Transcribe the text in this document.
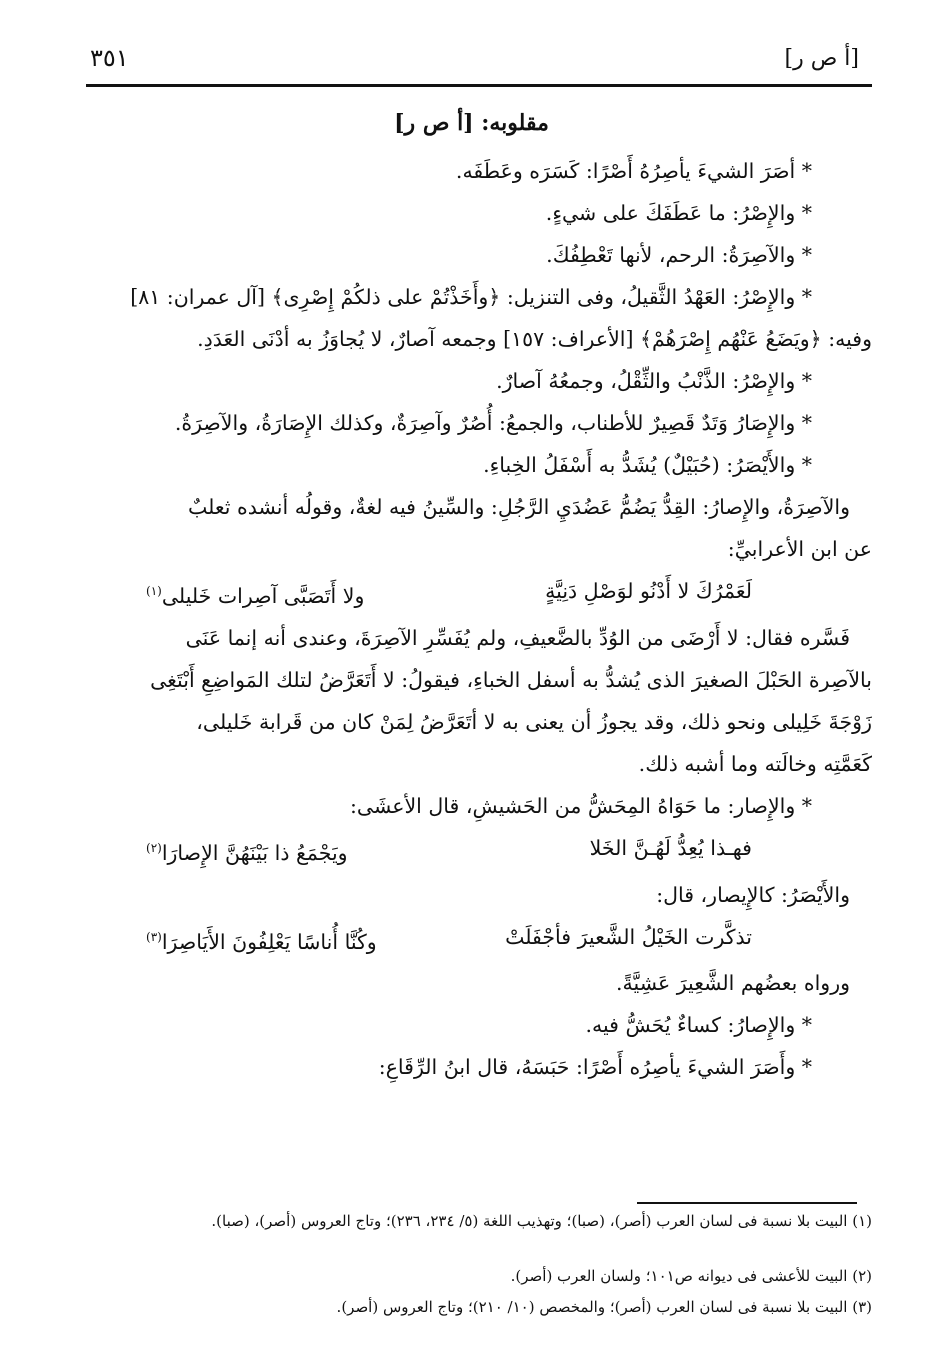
[أ ص ر]
٣٥١
مقلوبه: [أ ص ر]
* أصَرَ الشيءَ يأصِرُهُ أَصْرًا: كَسَرَه وعَطَفَه.
* والإِصْرُ: ما عَطَفَكَ على شيءٍ.
* والآصِرَةُ: الرحم، لأنها تَعْطِفُكَ.
* والإِصْرُ: العَهْدُ الثَّقيلُ، وفى التنزيل: ﴿وأَخَذْتُمْ على ذلكُمْ إِصْرِى﴾ [آل عمران: ٨١]
وفيه: ﴿ويَضَعُ عَنْهُم إِصْرَهُمْ﴾ [الأعراف: ١٥٧] وجمعه آصارٌ، لا يُجاوَزُ به أدْنَى العَدَدِ.
* والإِصْرُ: الذَّنْبُ والثِّقْلُ، وجمعُهُ آصارٌ.
* والإِصَارُ وَتَدٌ قَصِيرٌ للأطناب، والجمعُ: أُصُرٌ وآصِرَةٌ، وكذلك الإِصَارَةُ، والآصِرَةُ.
* والأَيْصَرُ: (حُبَيْلٌ) يُشَدُّ به أَسْفَلُ الخِباءِ.
والآصِرَةُ، والإِصارُ: القِدُّ يَضُمُّ عَضُدَيِ الرَّجُلِ: والسِّينُ فيه لغةٌ، وقولُه أنشده ثعلبٌ
عن ابن الأعرابيِّ:
لَعَمْرُكَ لا أَدْنُو لوَصْلِ دَنِيَّةٍ
ولا أَتَصَبَّى آصِرات خَليلى$^{(١)}$
فَسَّره فقال: لا أَرْضَى من الوُدِّ بالضَّعيفِ، ولم يُفَسِّرِ الآصِرَةَ، وعندى أنه إنما عَنَى
بالآصِرة الحَبْلَ الصغيرَ الذى يُشدُّ به أسفل الخباءِ، فيقولُ: لا أَتَعَرَّضُ لتلك المَواضِعِ أَبْتَغِى
زَوْجَةَ خَلِيلى ونحو ذلك، وقد يجوزُ أن يعنى به لا أتَعَرَّضُ لِمَنْ كان من قَرابة خَليلى،
كَعَمَّتِه وخالَته وما أشبه ذلك.
* والإِصار: ما حَوَاهُ المِحَشُّ من الحَشيشِ، قال الأعشَى:
فهـذا يُعِدُّ لَهُـنَّ الخَلا
ويَجْمَعُ ذا بَيْنَهُنَّ الإِصارَا$^{(٢)}$
والأَيْصَرُ: كالإِيصار، قال:
تذكَّرت الخَيْلُ الشَّعيرَ فأجْفَلَتْ
وكُنَّا أُناسًا يَعْلِفُونَ الأَيَاصِرَا$^{(٣)}$
ورواه بعضُهم الشَّعِيرَ عَشِيَّةً.
* والإِصارُ: كساءٌ يُحَشُّ فيه.
* وأَصَرَ الشيءَ يأصِرُه أَصْرًا: حَبَسَهُ، قال ابنُ الرِّقَاعِ:
(١) البيت بلا نسبة فى لسان العرب (أصر)، (صبا)؛ وتهذيب اللغة (٥/ ٢٣٤، ٢٣٦)؛ وتاج العروس (أصر)، (صبا).
(٢) البيت للأعشى فى ديوانه ص١٠١؛ ولسان العرب (أصر).
(٣) البيت بلا نسبة فى لسان العرب (أصر)؛ والمخصص (١٠/ ٢١٠)؛ وتاج العروس (أصر).
